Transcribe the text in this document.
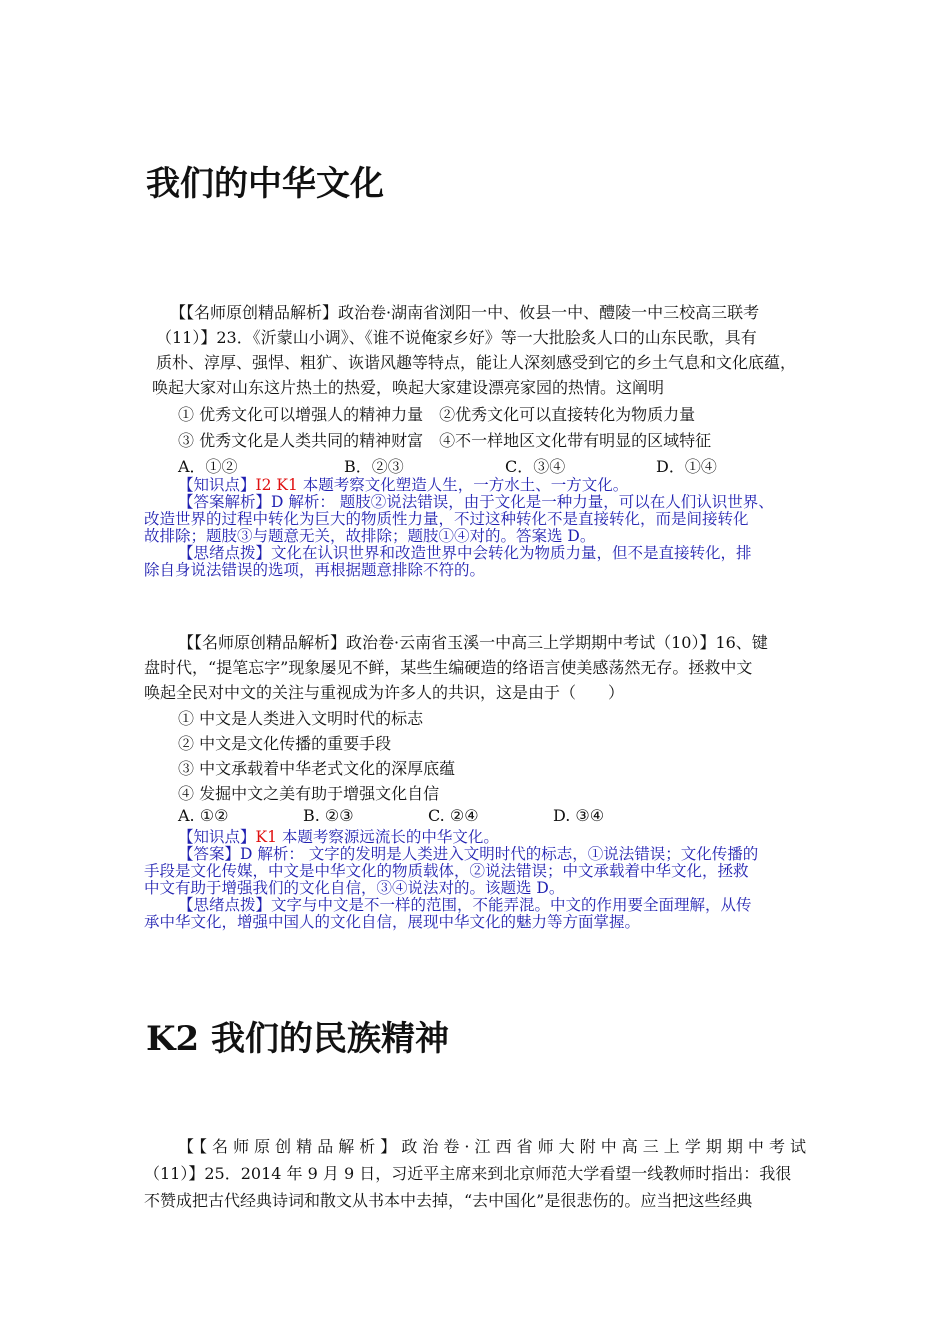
我们的中华文化
【【名师原创精品解析】政治卷·湖南省浏阳一中、攸县一中、醴陵一中三校高三联考
（11）】23．《沂蒙山小调》、《谁不说俺家乡好》等一大批脍炙人口的山东民歌，具有
质朴、淳厚、强悍、粗犷、诙谐风趣等特点，能让人深刻感受到它的乡土气息和文化底蕴，
唤起大家对山东这片热土的热爱，唤起大家建设漂亮家园的热情。这阐明
① 优秀文化可以增强人的精神力量　②优秀文化可以直接转化为物质力量
③ 优秀文化是人类共同的精神财富　④不一样地区文化带有明显的区域特征
A．①②	B．②③	C．③④	D．①④
【知识点】I2 K1 本题考察文化塑造人生，一方水土、一方文化。
【答案解析】D 解析： 题肢②说法错误，由于文化是一种力量，可以在人们认识世界、
改造世界的过程中转化为巨大的物质性力量，不过这种转化不是直接转化，而是间接转化
故排除；题肢③与题意无关，故排除；题肢①④对的。答案选 D。
【思绪点拨】文化在认识世界和改造世界中会转化为物质力量，但不是直接转化，排
除自身说法错误的选项，再根据题意排除不符的。
【【名师原创精品解析】政治卷·云南省玉溪一中高三上学期期中考试（10）】16、键
盘时代，“提笔忘字”现象屡见不鲜，某些生编硬造的络语言使美感荡然无存。拯救中文
唤起全民对中文的关注与重视成为许多人的共识，这是由于（　　）
① 中文是人类进入文明时代的标志
② 中文是文化传播的重要手段
③ 中文承载着中华老式文化的深厚底蕴
④ 发掘中文之美有助于增强文化自信
A. ①②	B. ②③	C. ②④	D. ③④
【知识点】K1 本题考察源远流长的中华文化。
【答案】D 解析： 文字的发明是人类进入文明时代的标志，①说法错误；文化传播的
手段是文化传媒，中文是中华文化的物质载体，②说法错误；中文承载着中华文化，拯救
中文有助于增强我们的文化自信，③④说法对的。该题选 D。
【思绪点拨】文字与中文是不一样的范围，不能弄混。中文的作用要全面理解，从传
承中华文化，增强中国人的文化自信，展现中华文化的魅力等方面掌握。
K2 我们的民族精神
【【名师原创精品解析】政治卷·江西省师大附中高三上学期期中考试
（11）】25．2014 年 9 月 9 日，习近平主席来到北京师范大学看望一线教师时指出：我很
不赞成把古代经典诗词和散文从书本中去掉，“去中国化”是很悲伤的。应当把这些经典
